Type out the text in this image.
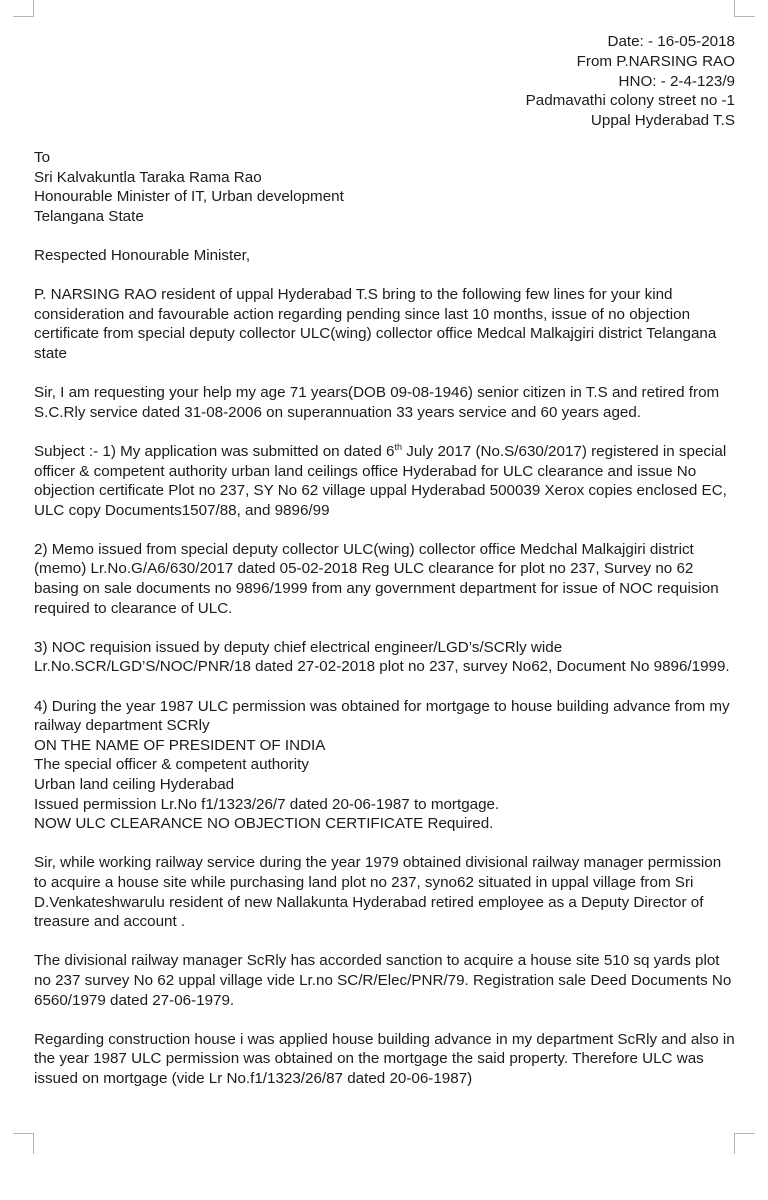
Date: - 16-05-2018
From P.NARSING RAO
HNO: - 2-4-123/9
Padmavathi colony street no -1
Uppal Hyderabad T.S
To
Sri Kalvakuntla Taraka Rama Rao
Honourable Minister of IT, Urban development
Telangana State
Respected Honourable Minister,
P. NARSING RAO resident of uppal Hyderabad T.S bring to the following few lines for your kind consideration and favourable action regarding pending since last 10 months, issue of no objection certificate from special deputy collector ULC(wing) collector office Medcal Malkajgiri district Telangana state
Sir, I am requesting your help my age 71 years(DOB 09-08-1946) senior citizen in T.S and retired from S.C.Rly service dated 31-08-2006 on superannuation 33 years service and 60 years aged.
Subject :- 1) My application was submitted on dated 6th July 2017 (No.S/630/2017) registered in special officer & competent authority urban land ceilings office Hyderabad for ULC clearance and issue No objection certificate Plot no 237, SY No 62 village uppal Hyderabad 500039 Xerox copies enclosed EC, ULC copy Documents1507/88, and 9896/99
2) Memo issued from special deputy collector ULC(wing) collector office Medchal Malkajgiri district (memo) Lr.No.G/A6/630/2017 dated 05-02-2018 Reg ULC clearance for plot no 237, Survey no 62 basing on sale documents no 9896/1999 from any government department for issue of NOC requision required to clearance of ULC.
3) NOC requision issued by deputy chief electrical engineer/LGD’s/SCRly wide Lr.No.SCR/LGD’S/NOC/PNR/18 dated 27-02-2018 plot no 237, survey No62, Document No 9896/1999.
4) During the year 1987 ULC permission was obtained for mortgage to house building advance from my railway department SCRly
ON THE NAME OF PRESIDENT OF INDIA
The special officer & competent authority
Urban land ceiling Hyderabad
Issued permission Lr.No f1/1323/26/7 dated 20-06-1987 to mortgage.
NOW ULC CLEARANCE NO OBJECTION CERTIFICATE Required.
Sir, while working railway service during the year 1979 obtained divisional railway manager permission to acquire a house site while purchasing land plot no 237, syno62 situated in uppal village from Sri D.Venkateshwarulu resident of new Nallakunta Hyderabad retired employee as a Deputy Director of treasure and account .
The divisional railway manager ScRly has accorded sanction to acquire a house site 510 sq yards plot no 237 survey No 62 uppal village vide Lr.no SC/R/Elec/PNR/79. Registration sale Deed Documents No 6560/1979 dated 27-06-1979.
Regarding construction house i was applied house building advance in my department ScRly and also in the year 1987 ULC permission was obtained on the mortgage the said property. Therefore ULC was issued on mortgage (vide Lr No.f1/1323/26/87 dated 20-06-1987)
